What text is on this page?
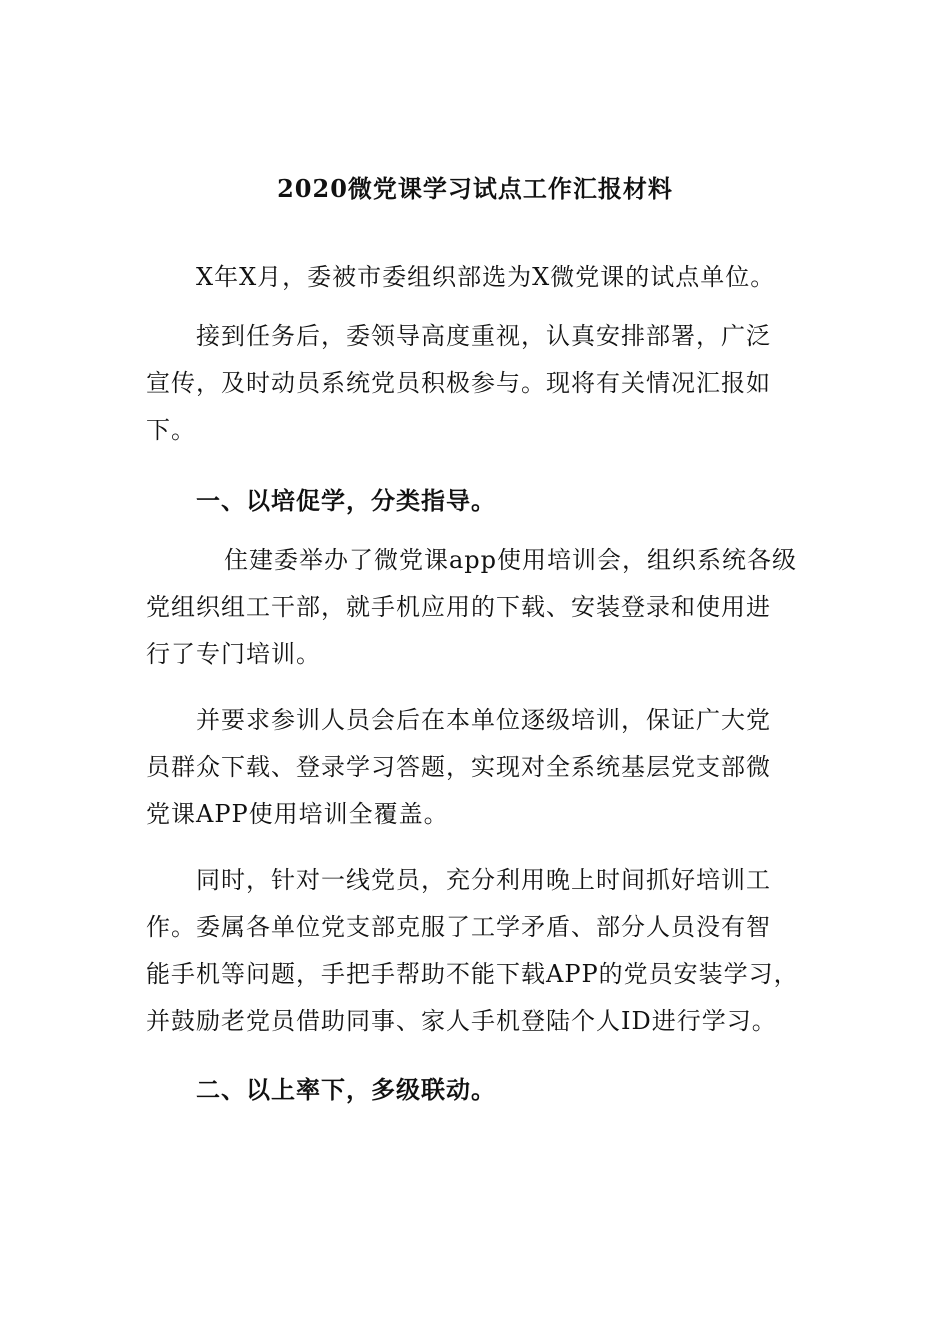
2020微党课学习试点工作汇报材料

X年X月，委被市委组织部选为X微党课的试点单位。

接到任务后，委领导高度重视，认真安排部署，广泛
宣传，及时动员系统党员积极参与。现将有关情况汇报如
下。

一、以培促学，分类指导。

住建委举办了微党课app使用培训会，组织系统各级
党组织组工干部，就手机应用的下载、安装登录和使用进
行了专门培训。

并要求参训人员会后在本单位逐级培训，保证广大党
员群众下载、登录学习答题，实现对全系统基层党支部微
党课APP使用培训全覆盖。

同时，针对一线党员，充分利用晚上时间抓好培训工
作。委属各单位党支部克服了工学矛盾、部分人员没有智
能手机等问题，手把手帮助不能下载APP的党员安装学习，
并鼓励老党员借助同事、家人手机登陆个人ID进行学习。

二、以上率下，多级联动。
